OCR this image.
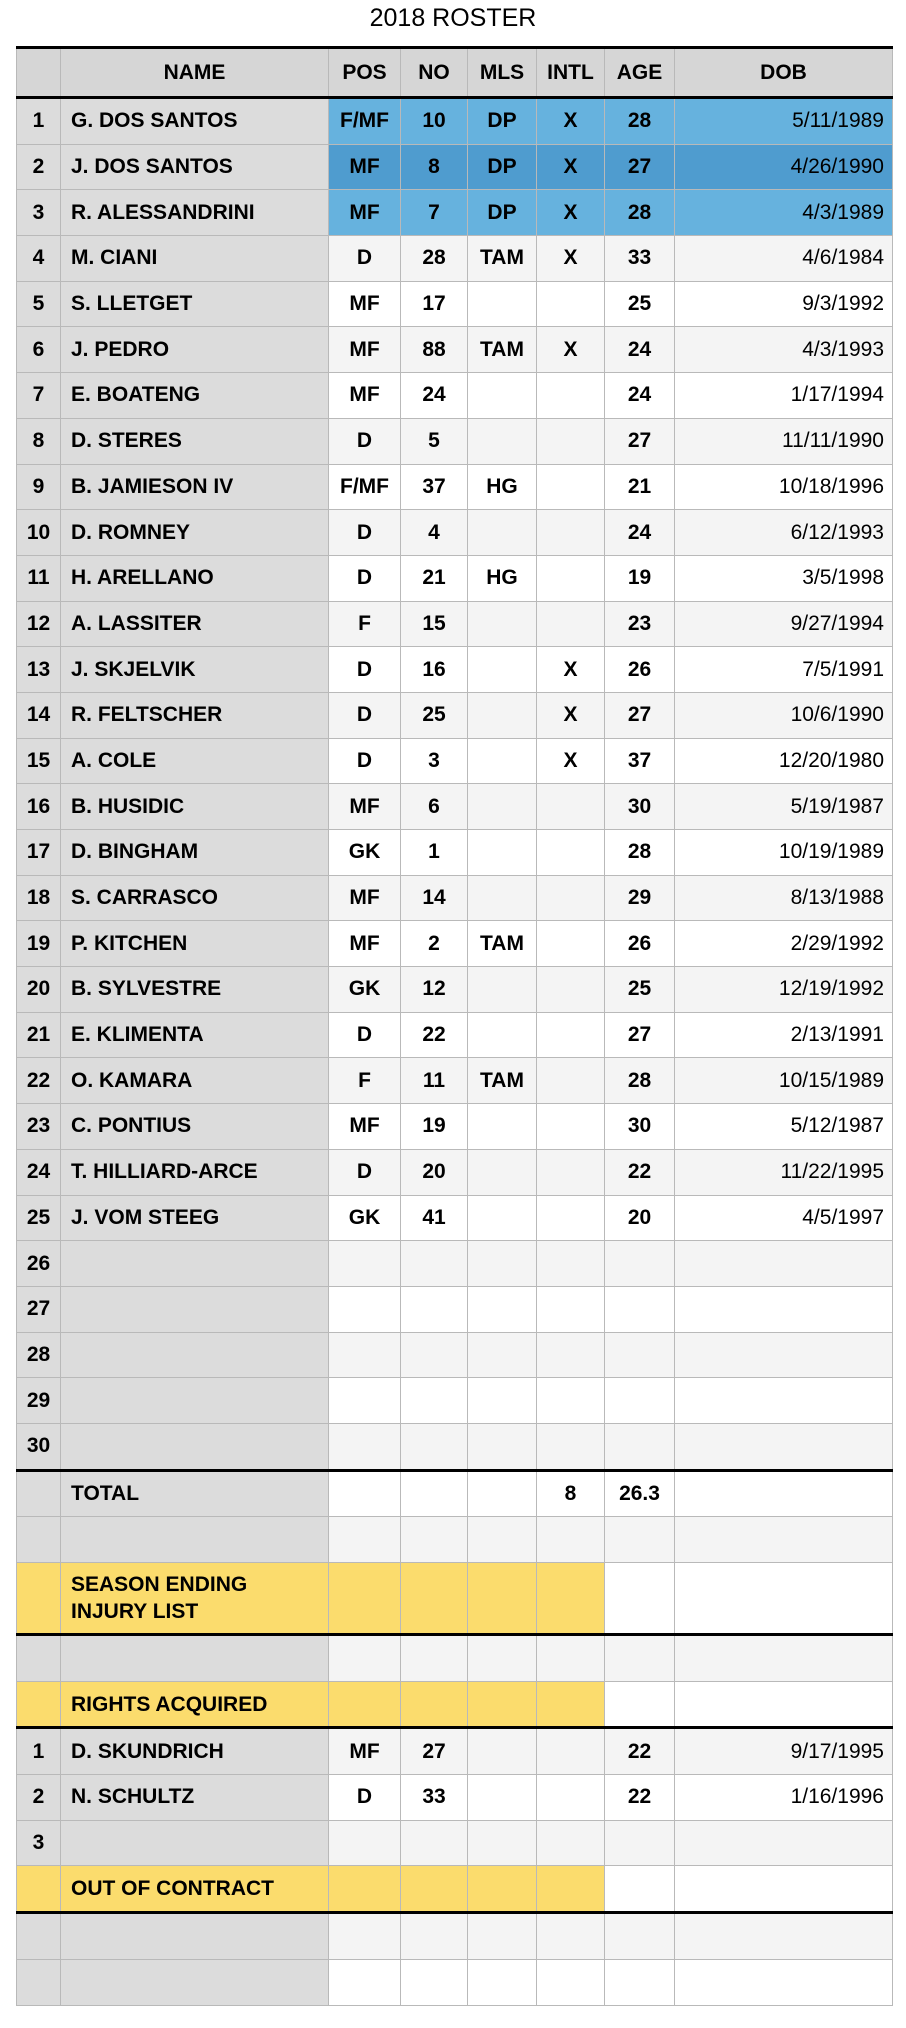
2018 ROSTER
	NAME	POS	NO	MLS	INTL	AGE	DOB
1	G. DOS SANTOS	F/MF	10	DP	X	28	5/11/1989
2	J. DOS SANTOS	MF	8	DP	X	27	4/26/1990
3	R. ALESSANDRINI	MF	7	DP	X	28	4/3/1989
4	M. CIANI	D	28	TAM	X	33	4/6/1984
5	S. LLETGET	MF	17			25	9/3/1992
6	J. PEDRO	MF	88	TAM	X	24	4/3/1993
7	E. BOATENG	MF	24			24	1/17/1994
8	D. STERES	D	5			27	11/11/1990
9	B. JAMIESON IV	F/MF	37	HG		21	10/18/1996
10	D. ROMNEY	D	4			24	6/12/1993
11	H. ARELLANO	D	21	HG		19	3/5/1998
12	A. LASSITER	F	15			23	9/27/1994
13	J. SKJELVIK	D	16		X	26	7/5/1991
14	R. FELTSCHER	D	25		X	27	10/6/1990
15	A. COLE	D	3		X	37	12/20/1980
16	B. HUSIDIC	MF	6			30	5/19/1987
17	D. BINGHAM	GK	1			28	10/19/1989
18	S. CARRASCO	MF	14			29	8/13/1988
19	P. KITCHEN	MF	2	TAM		26	2/29/1992
20	B. SYLVESTRE	GK	12			25	12/19/1992
21	E. KLIMENTA	D	22			27	2/13/1991
22	O. KAMARA	F	11	TAM		28	10/15/1989
23	C. PONTIUS	MF	19			30	5/12/1987
24	T. HILLIARD-ARCE	D	20			22	11/22/1995
25	J. VOM STEEG	GK	41			20	4/5/1997
26							
27							
28							
29							
30							
	TOTAL				8	26.3	

	SEASON ENDING INJURY LIST						

	RIGHTS ACQUIRED						
1	D. SKUNDRICH	MF	27			22	9/17/1995
2	N. SCHULTZ	D	33			22	1/16/1996
3							
	OUT OF CONTRACT						
